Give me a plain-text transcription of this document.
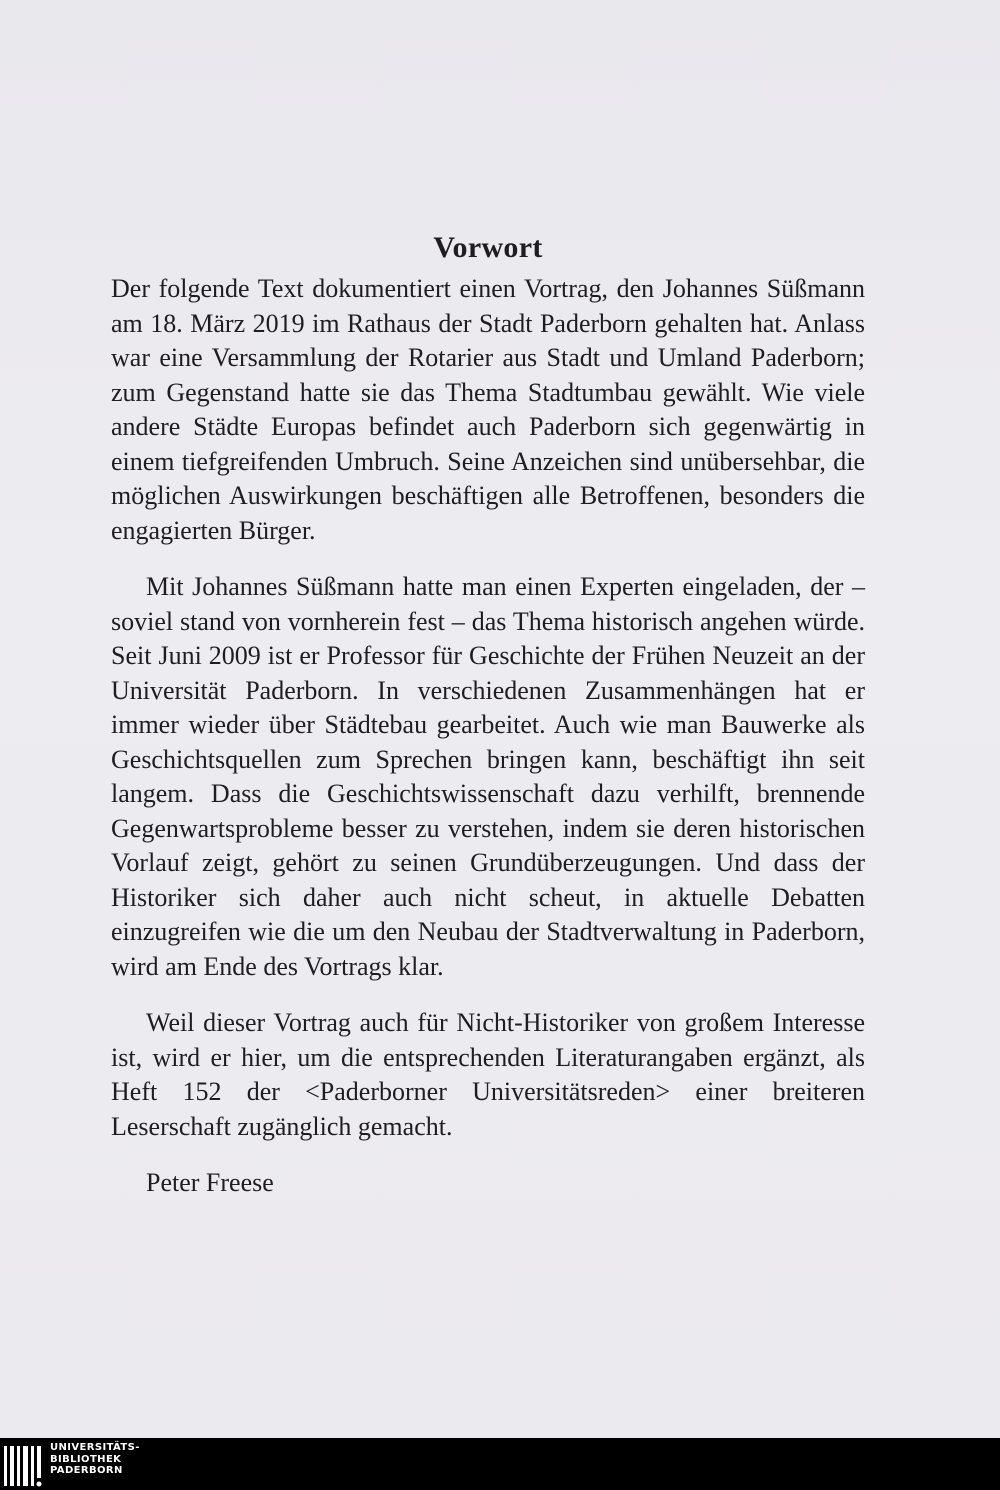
Vorwort

Der folgende Text dokumentiert einen Vortrag, den Johannes Süßmann am 18. März 2019 im Rathaus der Stadt Paderborn gehalten hat. Anlass war eine Versammlung der Rotarier aus Stadt und Umland Paderborn; zum Gegenstand hatte sie das Thema Stadtumbau gewählt. Wie viele andere Städte Europas befindet auch Paderborn sich gegenwärtig in einem tiefgreifenden Umbruch. Seine Anzeichen sind unübersehbar, die möglichen Auswirkungen beschäftigen alle Betroffenen, besonders die engagierten Bürger.

Mit Johannes Süßmann hatte man einen Experten eingeladen, der – soviel stand von vornherein fest – das Thema historisch angehen würde. Seit Juni 2009 ist er Professor für Geschichte der Frühen Neuzeit an der Universität Paderborn. In verschiedenen Zusammenhängen hat er immer wieder über Städtebau gearbeitet. Auch wie man Bauwerke als Geschichtsquellen zum Sprechen bringen kann, beschäftigt ihn seit langem. Dass die Geschichtswissenschaft dazu verhilft, brennende Gegenwartsprobleme besser zu verstehen, indem sie deren historischen Vorlauf zeigt, gehört zu seinen Grundüberzeugungen. Und dass der Historiker sich daher auch nicht scheut, in aktuelle Debatten einzugreifen wie die um den Neubau der Stadtverwaltung in Paderborn, wird am Ende des Vortrags klar.

Weil dieser Vortrag auch für Nicht-Historiker von großem Interesse ist, wird er hier, um die entsprechenden Literaturangaben ergänzt, als Heft 152 der <Paderborner Universitätsreden> einer breiteren Leserschaft zugänglich gemacht.

Peter Freese

UNIVERSITÄTS-
BIBLIOTHEK
PADERBORN
